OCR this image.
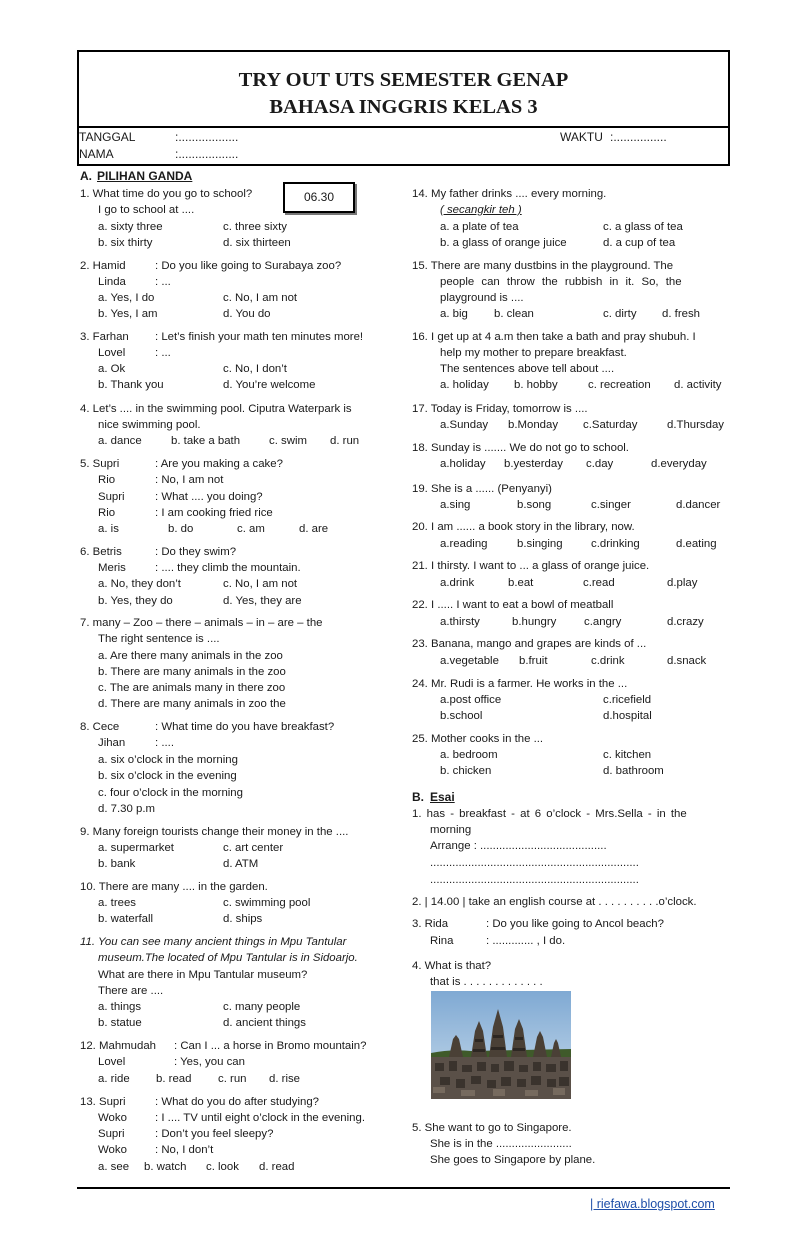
TRY OUT UTS SEMESTER GENAP
BAHASA INGGRIS KELAS 3
TANGGAL	:..................
NAMA	:..................
WAKTU :................
A. PILIHAN GANDA
06.30
1. What time do you go to school?
I go to school at ....
a. sixty three	c. three sixty
b. six thirty	d. six thirteen
2. Hamid	: Do you like going to Surabaya zoo?
Linda	: ...
a. Yes, I do	c. No, I am not
b. Yes, I am	d. You do
3. Farhan : Let’s finish your math ten minutes more!
Lovel	: ...
a. Ok	c. No, I don’t
b. Thank you	d. You’re welcome
4. Let’s .... in the swimming pool. Ciputra Waterpark is
nice swimming pool.
a. dance	b. take a bath	c. swim d. run
5. Supri	: Are you making a cake?
Rio	: No, I am not
Supri	: What .... you doing?
Rio	: I am cooking fried rice
a. is	b. do	c. am	d. are
6. Betris	: Do they swim?
Meris	: .... they climb the mountain.
a. No, they don’t	c. No, I am not
b. Yes, they do	d. Yes, they are
7. many – Zoo – there – animals – in – are – the
The right sentence is ....
a. Are there many animals in the zoo
b. There are many animals in the zoo
c. The are animals many in there zoo
d. There are many animals in zoo the
8. Cece	: What time do you have breakfast?
Jihan	: ....
a. six o’clock in the morning
b. six o’clock in the evening
c. four o’clock in the morning
d. 7.30 p.m
9. Many foreign tourists change their money in the ....
a. supermarket	c. art center
b. bank	d. ATM
10. There are many .... in the garden.
a. trees	c. swimming pool
b. waterfall	d. ships
11. You can see many ancient things in Mpu Tantular
museum.The located of Mpu Tantular is in Sidoarjo.
What are there in Mpu Tantular museum?
There are ....
a. things	c. many people
b. statue	d. ancient things
12. Mahmudah : Can I ... a horse in Bromo mountain?
Lovel	: Yes, you can
a. ride b. read c. run d. rise
13. Supri	: What do you do after studying?
Woko : I .... TV until eight o’clock in the evening.
Supri	: Don’t you feel sleepy?
Woko : No, I don’t
a. see b. watch c. look d. read
14. My father drinks .... every morning.
( secangkir teh )
a. a plate of tea	c. a glass of tea
b. a glass of orange juice	d. a cup of tea
15. There are many dustbins in the playground. The
people can throw the rubbish in it. So, the
playground is ....
a. big b. clean	c. dirty d. fresh
16. I get up at 4 a.m then take a bath and pray shubuh. I
help my mother to prepare breakfast.
The sentences above tell about ....
a. holiday b. hobby	c. recreation d. activity
17. Today is Friday, tomorrow is ....
a.Sunday b.Monday c.Saturday	d.Thursday
18. Sunday is ....... We do not go to school.
a.holiday b.yesterday c.day	d.everyday
19. She is a ...... (Penyanyi)
a.sing	b.song	c.singer	d.dancer
20. I am ...... a book story in the library, now.
a.reading	b.singing c.drinking	d.eating
21. I thirsty. I want to ... a glass of orange juice.
a.drink	b.eat	c.read	d.play
22. I ..... I want to eat a bowl of meatball
a.thirsty	b.hungry c.angry	d.crazy
23. Banana, mango and grapes are kinds of ...
a.vegetable b.fruit	c.drink	d.snack
24. Mr. Rudi is a farmer. He works in the ...
a.post office	c.ricefield
b.school	d.hospital
25. Mother cooks in the ...
a. bedroom	c. kitchen
b. chicken	d. bathroom
B. Esai
1. has - breakfast - at 6 o’clock - Mrs.Sella - in the
morning
Arrange : ........................................
..................................................................
..................................................................
2. | 14.00 | take an english course at . . . . . . . . . .o’clock.
3. Rida	: Do you like going to Ancol beach?
Rina	: ............. , I do.
4. What is that?
that is . . . . . . . . . . . . .
5. She want to go to Singapore.
She is in the ........................
She goes to Singapore by plane.
| riefawa.blogspot.com
